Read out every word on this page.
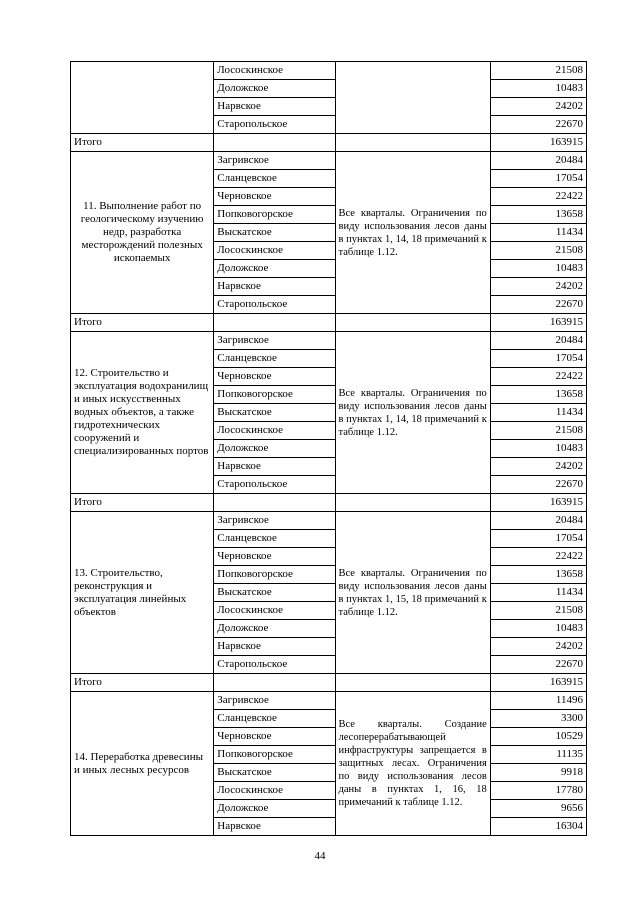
	Лососкинское		21508
	Доложское		10483
	Нарвское		24202
	Старопольское		22670
Итого			163915
11. Выполнение работ по геологическому изучению недр, разработка месторождений полезных ископаемых	Загривское	Все кварталы. Ограничения по виду использования лесов даны в пунктах 1, 14, 18 примечаний к таблице 1.12.	20484
	Сланцевское		17054
	Черновское		22422
	Попковогорское		13658
	Выскатское		11434
	Лососкинское		21508
	Доложское		10483
	Нарвское		24202
	Старопольское		22670
Итого			163915
12. Строительство и эксплуатация водохранилищ и иных искусственных водных объектов, а также гидротехнических сооружений и специализированных портов	Загривское	Все кварталы. Ограничения по виду использования лесов даны в пунктах 1, 14, 18 примечаний к таблице 1.12.	20484
	Сланцевское		17054
	Черновское		22422
	Попковогорское		13658
	Выскатское		11434
	Лососкинское		21508
	Доложское		10483
	Нарвское		24202
	Старопольское		22670
Итого			163915
13. Строительство, реконструкция и эксплуатация линейных объектов	Загривское	Все кварталы. Ограничения по виду использования лесов даны в пунктах 1, 15, 18 примечаний к таблице 1.12.	20484
	Сланцевское		17054
	Черновское		22422
	Попковогорское		13658
	Выскатское		11434
	Лососкинское		21508
	Доложское		10483
	Нарвское		24202
	Старопольское		22670
Итого			163915
14. Переработка древесины и иных лесных ресурсов	Загривское	Все кварталы. Создание лесоперерабатывающей инфраструктуры запрещается в защитных лесах. Ограничения по виду использования лесов даны в пунктах 1, 16, 18 примечаний к таблице 1.12.	11496
	Сланцевское		3300
	Черновское		10529
	Попковогорское		11135
	Выскатское		9918
	Лососкинское		17780
	Доложское		9656
	Нарвское		16304
44
